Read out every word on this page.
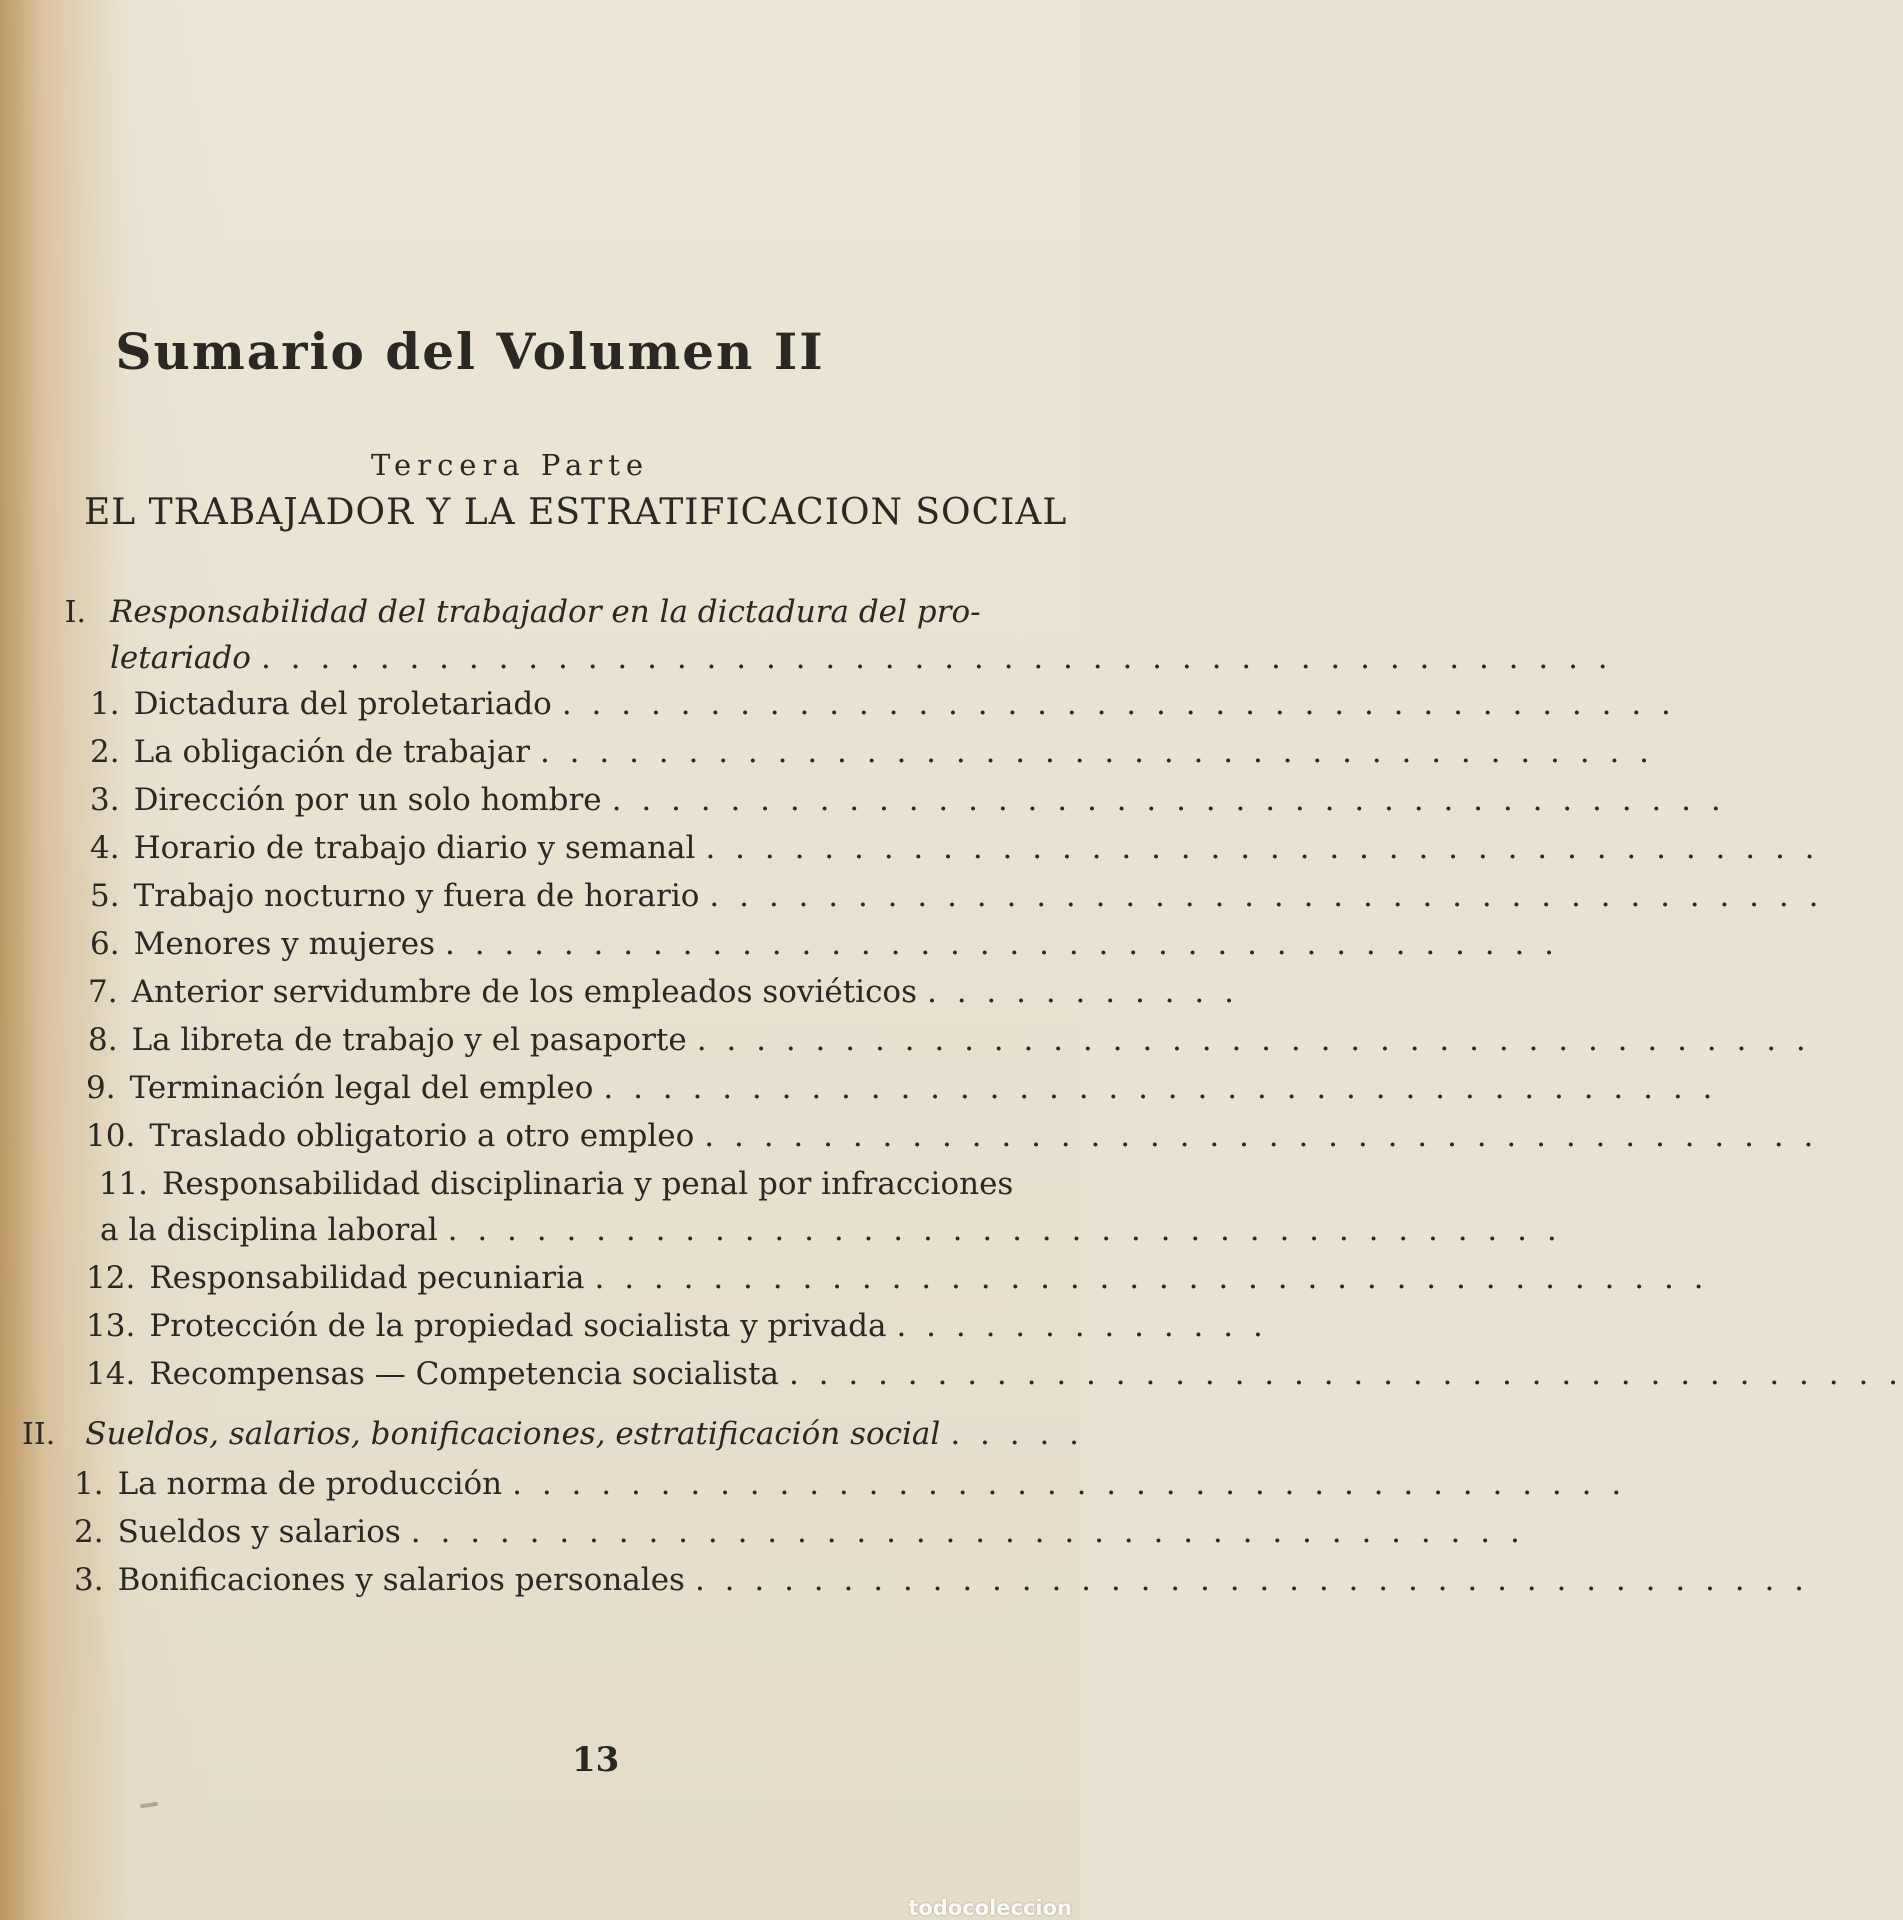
Sumario del Volumen II
Tercera Parte
EL TRABAJADOR Y LA ESTRATIFICACION SOCIAL
I. Responsabilidad del trabajador en la dictadura del pro-
letariado . . . . . . . . . . . . . . . . . . . . . . . . . . . . . . . . . . . . . . . . . . . . . .
1. Dictadura del proletariado . . . . . . . . . . . . . . . . . . . . . . . . . . . . . . . . . . . . . .
2. La obligación de trabajar . . . . . . . . . . . . . . . . . . . . . . . . . . . . . . . . . . . . . .
3. Dirección por un solo hombre . . . . . . . . . . . . . . . . . . . . . . . . . . . . . . . . . . . . . .
4. Horario de trabajo diario y semanal . . . . . . . . . . . . . . . . . . . . . . . . . . . . . . . . . . . . . .
5. Trabajo nocturno y fuera de horario . . . . . . . . . . . . . . . . . . . . . . . . . . . . . . . . . . . . . .
6. Menores y mujeres . . . . . . . . . . . . . . . . . . . . . . . . . . . . . . . . . . . . . .
7. Anterior servidumbre de los empleados soviéticos . . . . . . . . . . .
8. La libreta de trabajo y el pasaporte . . . . . . . . . . . . . . . . . . . . . . . . . . . . . . . . . . . . . .
9. Terminación legal del empleo . . . . . . . . . . . . . . . . . . . . . . . . . . . . . . . . . . . . . .
10. Traslado obligatorio a otro empleo . . . . . . . . . . . . . . . . . . . . . . . . . . . . . . . . . . . . . .
11. Responsabilidad disciplinaria y penal por infracciones
a la disciplina laboral . . . . . . . . . . . . . . . . . . . . . . . . . . . . . . . . . . . . . .
12. Responsabilidad pecuniaria . . . . . . . . . . . . . . . . . . . . . . . . . . . . . . . . . . . . . .
13. Protección de la propiedad socialista y privada . . . . . . . . . . . . .
14. Recompensas — Competencia socialista . . . . . . . . . . . . . . . . . . . . . . . . . . . . . . . . . . . . . .
II. Sueldos, salarios, bonificaciones, estratificación social . . . . .
1. La norma de producción . . . . . . . . . . . . . . . . . . . . . . . . . . . . . . . . . . . . . .
2. Sueldos y salarios . . . . . . . . . . . . . . . . . . . . . . . . . . . . . . . . . . . . . .
3. Bonificaciones y salarios personales . . . . . . . . . . . . . . . . . . . . . . . . . . . . . . . . . . . . . .
13
todocoleccion
